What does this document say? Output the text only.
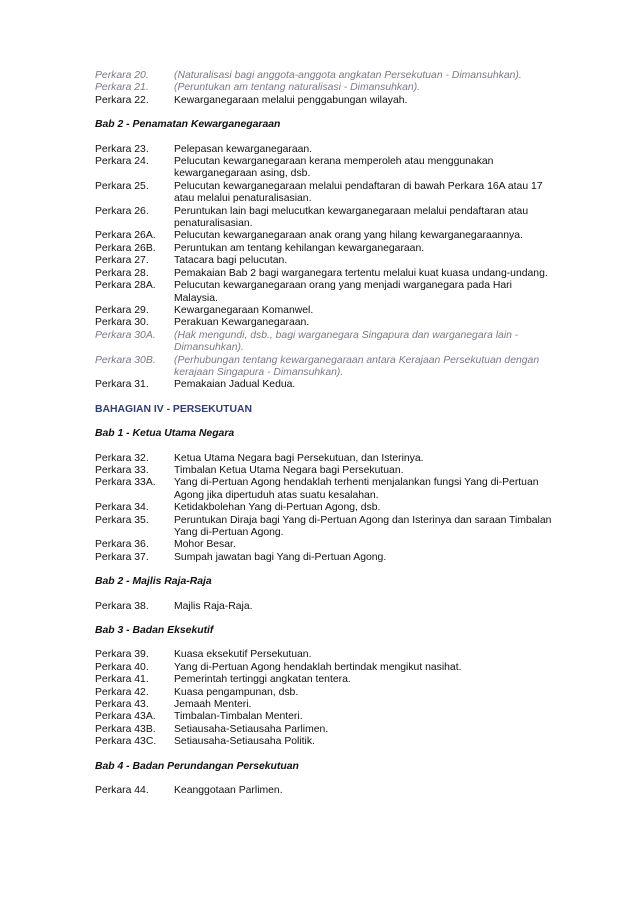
Perkara 20.	(Naturalisasi bagi anggota-anggota angkatan Persekutuan - Dimansuhkan).
Perkara 21.	(Peruntukan am tentang naturalisasi - Dimansuhkan).
Perkara 22.	Kewarganegaraan melalui penggabungan wilayah.
Bab 2 - Penamatan Kewarganegaraan
Perkara 23.	Pelepasan kewarganegaraan.
Perkara 24.	Pelucutan kewarganegaraan kerana memperoleh atau menggunakan kewarganegaraan asing, dsb.
Perkara 25.	Pelucutan kewarganegaraan melalui pendaftaran di bawah Perkara 16A atau 17 atau melalui penaturalisasian.
Perkara 26.	Peruntukan lain bagi melucutkan kewarganegaraan melalui pendaftaran atau penaturalisasian.
Perkara 26A.	Pelucutan kewarganegaraan anak orang yang hilang kewarganegaraannya.
Perkara 26B.	Peruntukan am tentang kehilangan kewarganegaraan.
Perkara 27.	Tatacara bagi pelucutan.
Perkara 28.	Pemakaian Bab 2 bagi warganegara tertentu melalui kuat kuasa undang-undang.
Perkara 28A.	Pelucutan kewarganegaraan orang yang menjadi warganegara pada Hari Malaysia.
Perkara 29.	Kewarganegaraan Komanwel.
Perkara 30.	Perakuan Kewarganegaraan.
Perkara 30A.	(Hak mengundi, dsb., bagi warganegara Singapura dan warganegara lain - Dimansuhkan).
Perkara 30B.	(Perhubungan tentang kewarganegaraan antara Kerajaan Persekutuan dengan kerajaan Singapura - Dimansuhkan).
Perkara 31.	Pemakaian Jadual Kedua.
BAHAGIAN IV - PERSEKUTUAN
Bab 1 - Ketua Utama Negara
Perkara 32.	Ketua Utama Negara bagi Persekutuan, dan Isterinya.
Perkara 33.	Timbalan Ketua Utama Negara bagi Persekutuan.
Perkara 33A.	Yang di-Pertuan Agong hendaklah terhenti menjalankan fungsi Yang di-Pertuan Agong jika dipertuduh atas suatu kesalahan.
Perkara 34.	Ketidakbolehan Yang di-Pertuan Agong, dsb.
Perkara 35.	Peruntukan Diraja bagi Yang di-Pertuan Agong dan Isterinya dan saraan Timbalan Yang di-Pertuan Agong.
Perkara 36.	Mohor Besar.
Perkara 37.	Sumpah jawatan bagi Yang di-Pertuan Agong.
Bab 2 - Majlis Raja-Raja
Perkara 38.	Majlis Raja-Raja.
Bab 3 - Badan Eksekutif
Perkara 39.	Kuasa eksekutif Persekutuan.
Perkara 40.	Yang di-Pertuan Agong hendaklah bertindak mengikut nasihat.
Perkara 41.	Pemerintah tertinggi angkatan tentera.
Perkara 42.	Kuasa pengampunan, dsb.
Perkara 43.	Jemaah Menteri.
Perkara 43A.	Timbalan-Timbalan Menteri.
Perkara 43B.	Setiausaha-Setiausaha Parlimen.
Perkara 43C.	Setiausaha-Setiausaha Politik.
Bab 4 - Badan Perundangan Persekutuan
Perkara 44.	Keanggotaan Parlimen.
